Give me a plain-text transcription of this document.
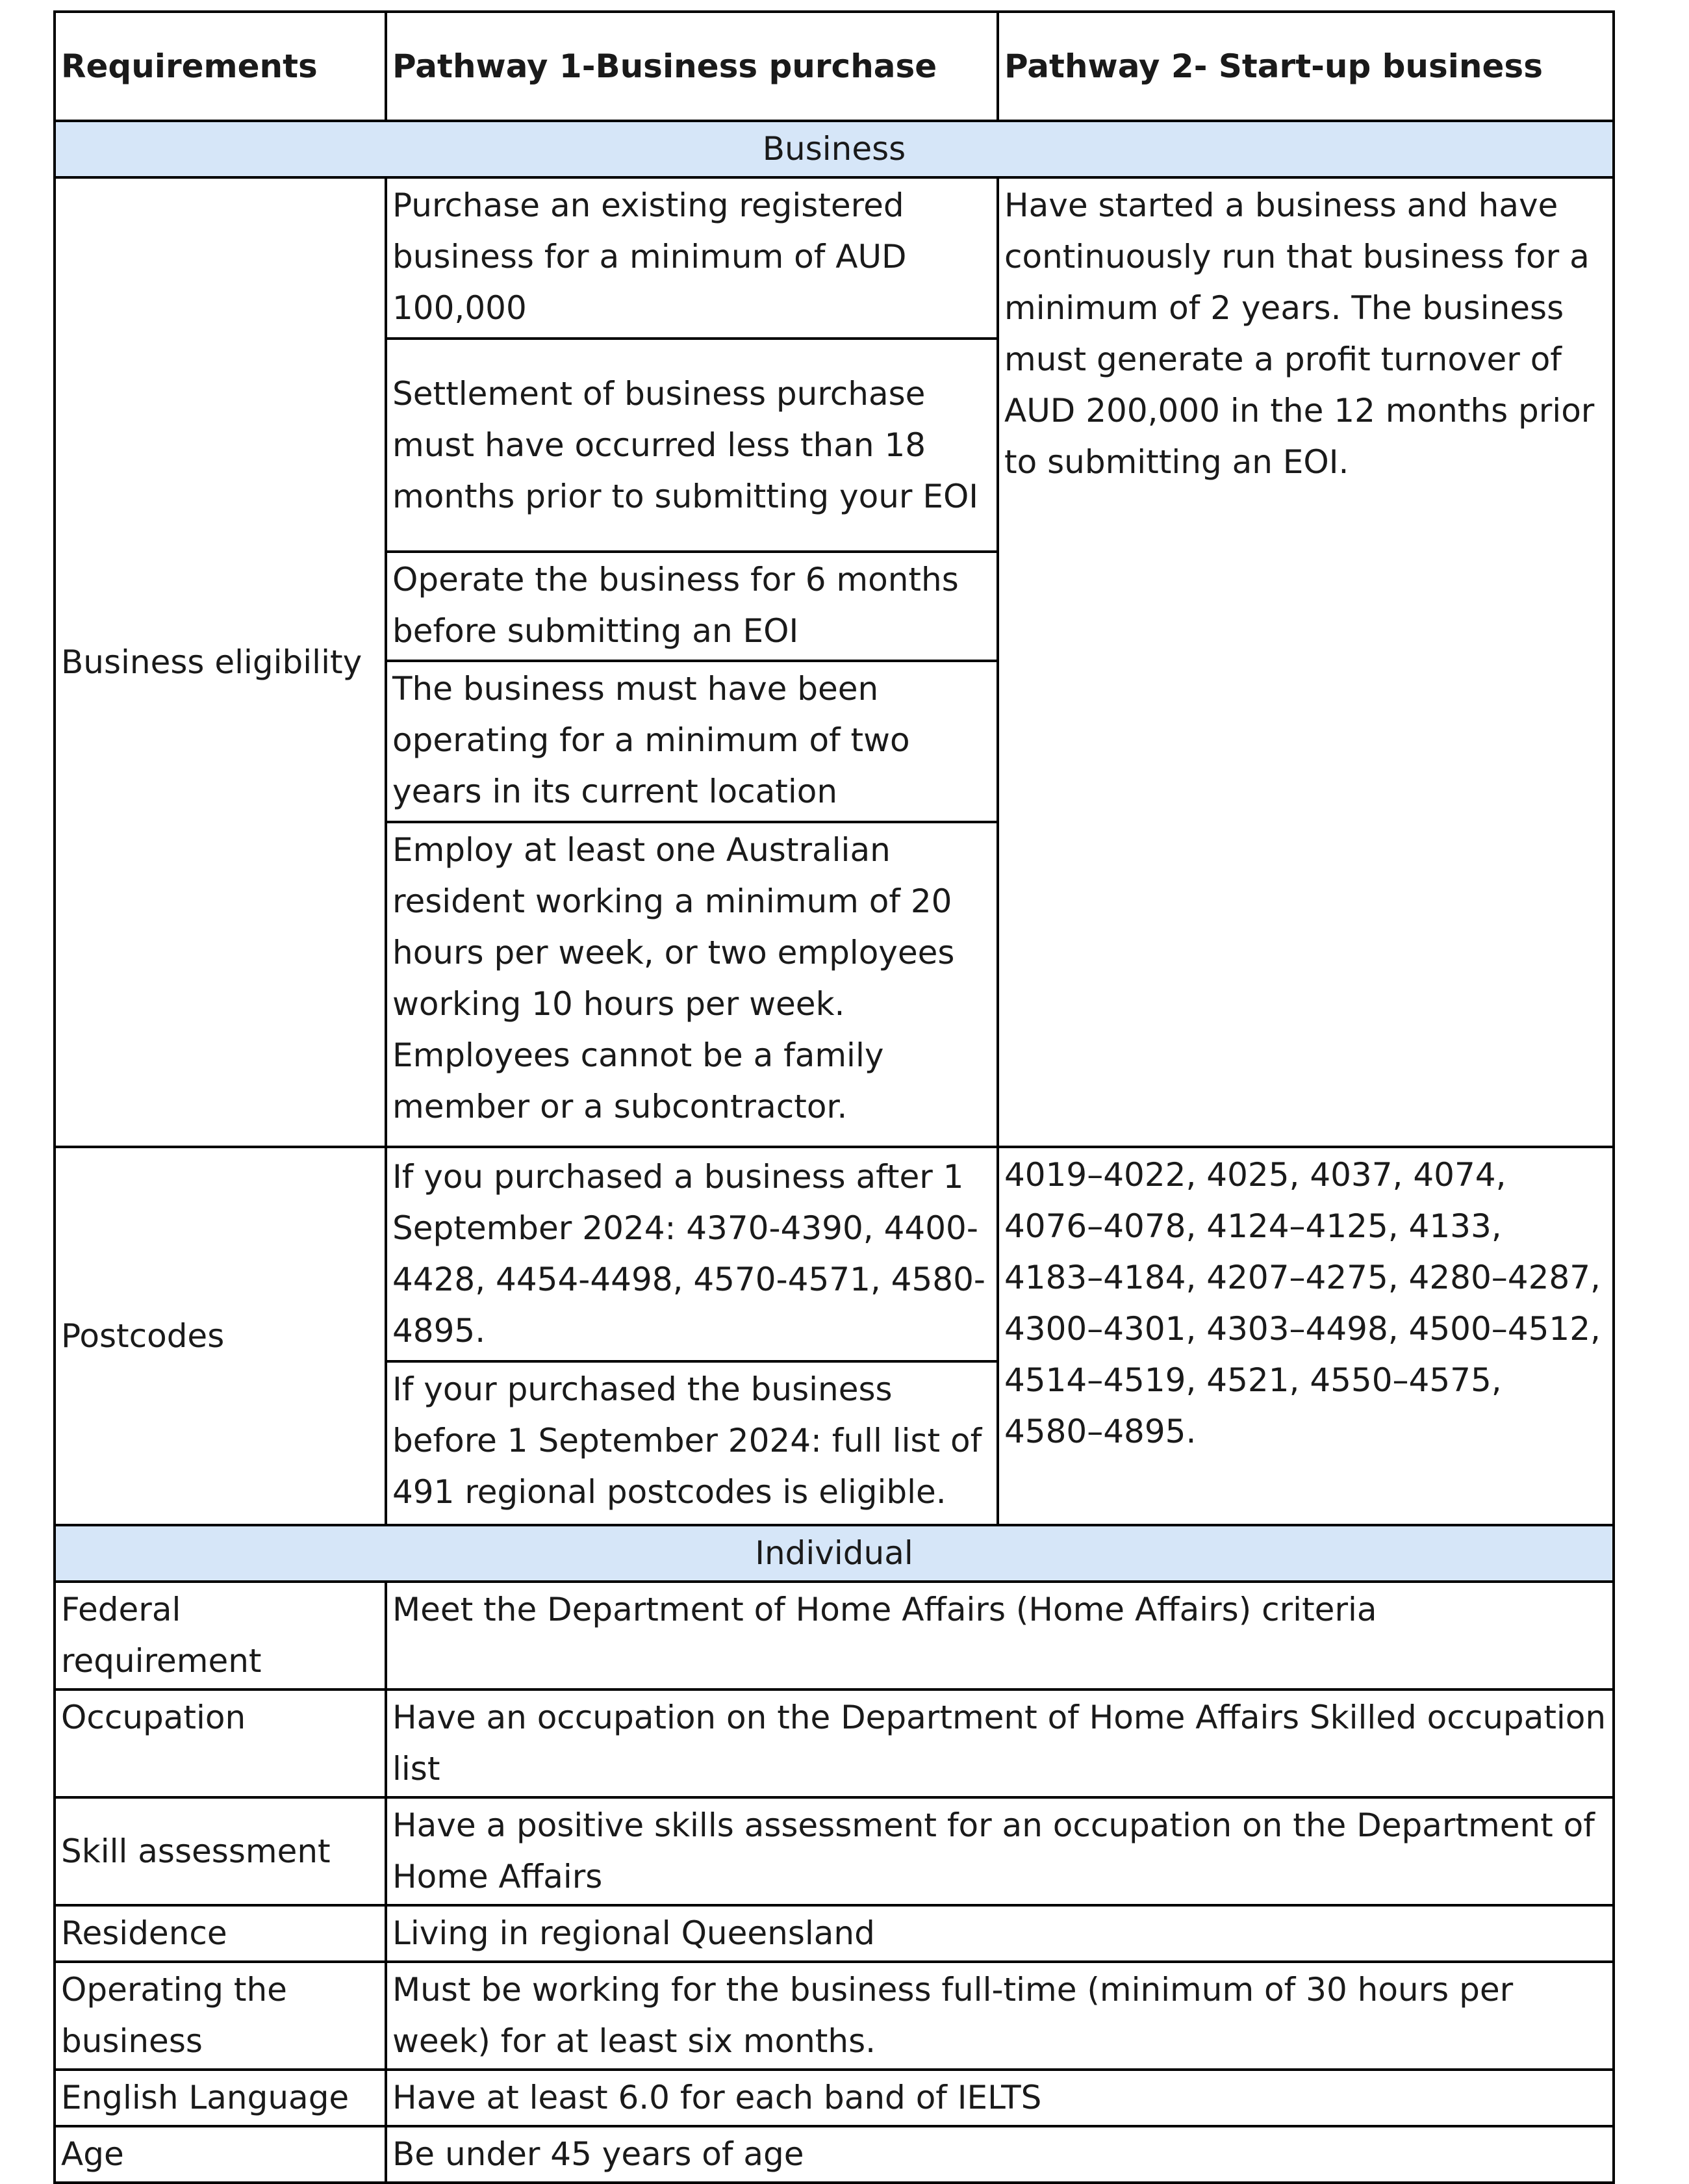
Requirements	Pathway 1-Business purchase	Pathway 2- Start-up business
Business		
Business eligibility	Purchase an existing registered business for a minimum of AUD 100,000	Have started a business and have continuously run that business for a minimum of 2 years. The business must generate a profit turnover of AUD 200,000 in the 12 months prior to submitting an EOI.
	Settlement of business purchase must have occurred less than 18 months prior to submitting your EOI	
	Operate the business for 6 months before submitting an EOI	
	The business must have been operating for a minimum of two years in its current location	
	Employ at least one Australian resident working a minimum of 20 hours per week, or two employees working 10 hours per week. Employees cannot be a family member or a subcontractor.	
Postcodes	If you purchased a business after 1 September 2024: 4370-4390, 4400-4428, 4454-4498, 4570-4571, 4580-4895.	4019–4022, 4025, 4037, 4074, 4076–4078, 4124–4125, 4133, 4183–4184, 4207–4275, 4280–4287, 4300–4301, 4303–4498, 4500–4512, 4514–4519, 4521, 4550–4575, 4580–4895.
	If your purchased the business before 1 September 2024: full list of 491 regional postcodes is eligible.	
Individual		
Federal requirement	Meet the Department of Home Affairs (Home Affairs) criteria	
Occupation	Have an occupation on the Department of Home Affairs Skilled occupation list	
Skill assessment	Have a positive skills assessment for an occupation on the Department of Home Affairs	
Residence	Living in regional Queensland	
Operating the business	Must be working for the business full-time (minimum of 30 hours per week) for at least six months.	
English Language	Have at least 6.0 for each band of IELTS	
Age	Be under 45 years of age	
